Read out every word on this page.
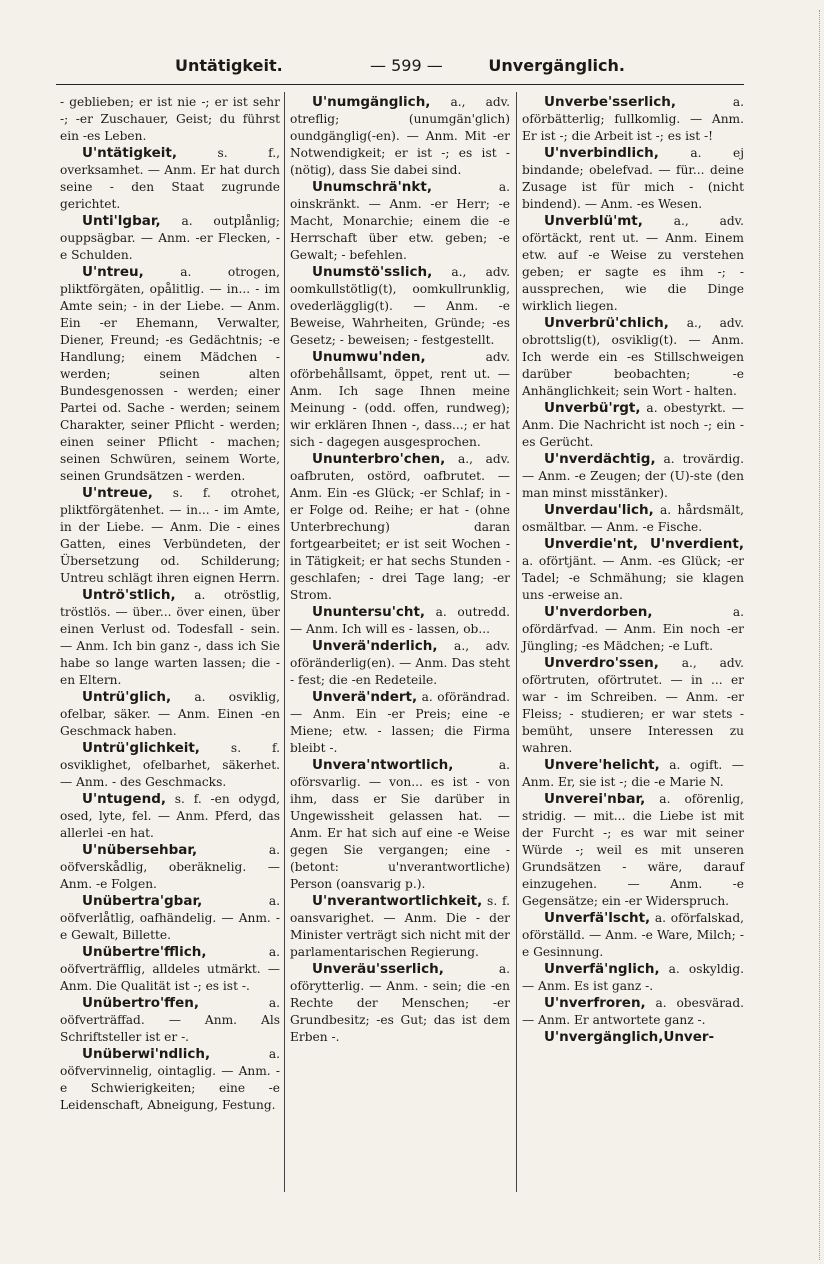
Untätigkeit.	— 599 —	Unvergänglich.

- geblieben; er ist nie -; er ist sehr -; -er Zuschauer, Geist; du führst ein -es Leben.

U'ntätigkeit, s. f., overksamhet. — Anm. Er hat durch seine - den Staat zugrunde gerichtet.

Unti'lgbar, a. outplånlig; ouppsägbar. — Anm. -er Flecken, -e Schulden.

U'ntreu, a. otrogen, pliktförgäten, opålitlig. — in... - im Amte sein; - in der Liebe. — Anm. Ein -er Ehemann, Verwalter, Diener, Freund; -es Gedächtnis; -e Handlung; einem Mädchen - werden; seinen alten Bundesgenossen - werden; einer Partei od. Sache - werden; seinem Charakter, seiner Pflicht - werden; einen seiner Pflicht - machen; seinen Schwüren, seinem Worte, seinen Grundsätzen - werden.

U'ntreue, s. f. otrohet, pliktförgätenhet. — in... - im Amte, in der Liebe. — Anm. Die - eines Gatten, eines Verbündeten, der Übersetzung od. Schilderung; Untreu schlägt ihren eignen Herrn.

Untrö'stlich, a. otröstlig, tröstlös. — über... över einen, über einen Verlust od. Todesfall - sein. — Anm. Ich bin ganz -, dass ich Sie habe so lange warten lassen; die -en Eltern.

Untrü'glich, a. osviklig, ofelbar, säker. — Anm. Einen -en Geschmack haben.

Untrü'glichkeit, s. f. osviklighet, ofelbarhet, säkerhet. — Anm. - des Geschmacks.

U'ntugend, s. f. -en odygd, osed, lyte, fel. — Anm. Pferd, das allerlei -en hat.

U'nübersehbar, a. oöfverskådlig, oberäknelig. — Anm. -e Folgen.

Unübertra'gbar, a. oöfverlåtlig, oafhändelig. — Anm. -e Gewalt, Billette.

Unübertre'fflich, a. oöfverträfflig, alldeles utmärkt. — Anm. Die Qualität ist -; es ist -.

Unübertro'ffen, a. oöfverträffad. — Anm. Als Schriftsteller ist er -.

Unüberwi'ndlich, a. oöfvervinnelig, ointaglig. — Anm. -e Schwierigkeiten; eine -e Leidenschaft, Abneigung, Festung.

U'numgänglich, a., adv. otreflig; (unumgän'glich) oundgänglig(-en). — Anm. Mit -er Notwendigkeit; er ist -; es ist - (nötig), dass Sie dabei sind.

Unumschrä'nkt, a. oinskränkt. — Anm. -er Herr; -e Macht, Monarchie; einem die -e Herrschaft über etw. geben; -e Gewalt; - befehlen.

Unumstö'sslich, a., adv. oomkullstötlig(t), oomkullrunklig, ovederlägglig(t). — Anm. -e Beweise, Wahrheiten, Gründe; -es Gesetz; - beweisen; - festgestellt.

Unumwu'nden, adv. oförbehållsamt, öppet, rent ut. — Anm. Ich sage Ihnen meine Meinung - (odd. offen, rundweg); wir erklären Ihnen -, dass...; er hat sich - dagegen ausgesprochen.

Ununterbro'chen, a., adv. oafbruten, ostörd, oafbrutet. — Anm. Ein -es Glück; -er Schlaf; in -er Folge od. Reihe; er hat - (ohne Unterbrechung) daran fortgearbeitet; er ist seit Wochen - in Tätigkeit; er hat sechs Stunden - geschlafen; - drei Tage lang; -er Strom.

Ununtersu'cht, a. outredd. — Anm. Ich will es - lassen, ob...

Unverä'nderlich, a., adv. oföränderlig(en). — Anm. Das steht - fest; die -en Redeteile.

Unverä'ndert, a. oförändrad. — Anm. Ein -er Preis; eine -e Miene; etw. - lassen; die Firma bleibt -.

Unvera'ntwortlich, a. oförsvarlig. — von... es ist - von ihm, dass er Sie darüber in Ungewissheit gelassen hat. — Anm. Er hat sich auf eine -e Weise gegen Sie vergangen; eine - (betont: u'nverantwortliche) Person (oansvarig p.).

U'nverantwortlichkeit, s. f. oansvarighet. — Anm. Die - der Minister verträgt sich nicht mit der parlamentarischen Regierung.

Unveräu'sserlich, a. oförytterlig. — Anm. - sein; die -en Rechte der Menschen; -er Grundbesitz; -es Gut; das ist dem Erben -.

Unverbe'sserlich, a. oförbätterlig; fullkomlig. — Anm. Er ist -; die Arbeit ist -; es ist -!

U'nverbindlich, a. ej bindande; obelefvad. — für... deine Zusage ist für mich - (nicht bindend). — Anm. -es Wesen.

Unverblü'mt, a., adv. oförtäckt, rent ut. — Anm. Einem etw. auf -e Weise zu verstehen geben; er sagte es ihm -; - aussprechen, wie die Dinge wirklich liegen.

Unverbrü'chlich, a., adv. obrottslig(t), osviklig(t). — Anm. Ich werde ein -es Stillschweigen darüber beobachten; -e Anhänglichkeit; sein Wort - halten.

Unverbü'rgt, a. obestyrkt. — Anm. Die Nachricht ist noch -; ein -es Gerücht.

U'nverdächtig, a. trovärdig. — Anm. -e Zeugen; der (U)-ste (den man minst misstänker).

Unverdau'lich, a. hårdsmält, osmältbar. — Anm. -e Fische.

Unverdie'nt, U'nverdient, a. oförtjänt. — Anm. -es Glück; -er Tadel; -e Schmähung; sie klagen uns -erweise an.

U'nverdorben, a. ofördärfvad. — Anm. Ein noch -er Jüngling; -es Mädchen; -e Luft.

Unverdro'ssen, a., adv. oförtruten, oförtrutet. — in ... er war - im Schreiben. — Anm. -er Fleiss; - studieren; er war stets - bemüht, unsere Interessen zu wahren.

Unvere'helicht, a. ogift. — Anm. Er, sie ist -; die -e Marie N.

Unverei'nbar, a. oförenlig, stridig. — mit... die Liebe ist mit der Furcht -; es war mit seiner Würde -; weil es mit unseren Grundsätzen - wäre, darauf einzugehen. — Anm. -e Gegensätze; ein -er Widerspruch.

Unverfä'lscht, a. oförfalskad, oförställd. — Anm. -e Ware, Milch; -e Gesinnung.

Unverfä'nglich, a. oskyldig. — Anm. Es ist ganz -.

U'nverfroren, a. obesvärad. — Anm. Er antwortete ganz -.

U'nvergänglich,Unver-
